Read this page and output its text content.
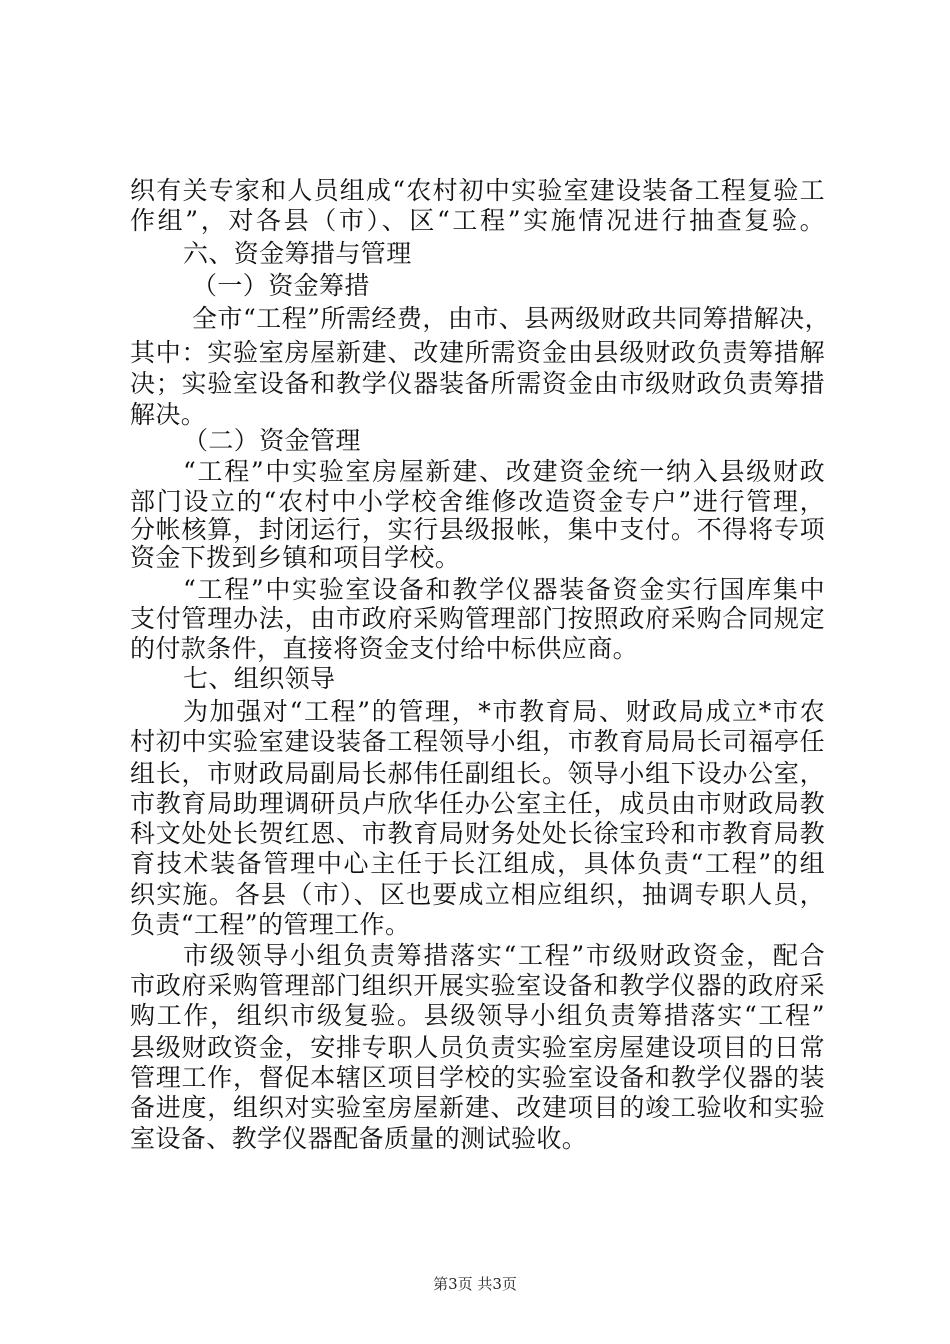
织有关专家和人员组成“农村初中实验室建设装备工程复验工
作组”，对各县（市）、区“工程”实施情况进行抽查复验。
六、资金筹措与管理
（一）资金筹措
全市“工程”所需经费，由市、县两级财政共同筹措解决，
其中：实验室房屋新建、改建所需资金由县级财政负责筹措解
决；实验室设备和教学仪器装备所需资金由市级财政负责筹措
解决。
（二）资金管理
“工程”中实验室房屋新建、改建资金统一纳入县级财政
部门设立的“农村中小学校舍维修改造资金专户”进行管理，
分帐核算，封闭运行，实行县级报帐，集中支付。不得将专项
资金下拨到乡镇和项目学校。
“工程”中实验室设备和教学仪器装备资金实行国库集中
支付管理办法，由市政府采购管理部门按照政府采购合同规定
的付款条件，直接将资金支付给中标供应商。
七、组织领导
为加强对“工程”的管理，*市教育局、财政局成立*市农
村初中实验室建设装备工程领导小组，市教育局局长司福亭任
组长，市财政局副局长郝伟任副组长。领导小组下设办公室，
市教育局助理调研员卢欣华任办公室主任，成员由市财政局教
科文处处长贺红恩、市教育局财务处处长徐宝玲和市教育局教
育技术装备管理中心主任于长江组成，具体负责“工程”的组
织实施。各县（市）、区也要成立相应组织，抽调专职人员，
负责“工程”的管理工作。
市级领导小组负责筹措落实“工程”市级财政资金，配合
市政府采购管理部门组织开展实验室设备和教学仪器的政府采
购工作，组织市级复验。县级领导小组负责筹措落实“工程”
县级财政资金，安排专职人员负责实验室房屋建设项目的日常
管理工作，督促本辖区项目学校的实验室设备和教学仪器的装
备进度，组织对实验室房屋新建、改建项目的竣工验收和实验
室设备、教学仪器配备质量的测试验收。
第3页 共3页
